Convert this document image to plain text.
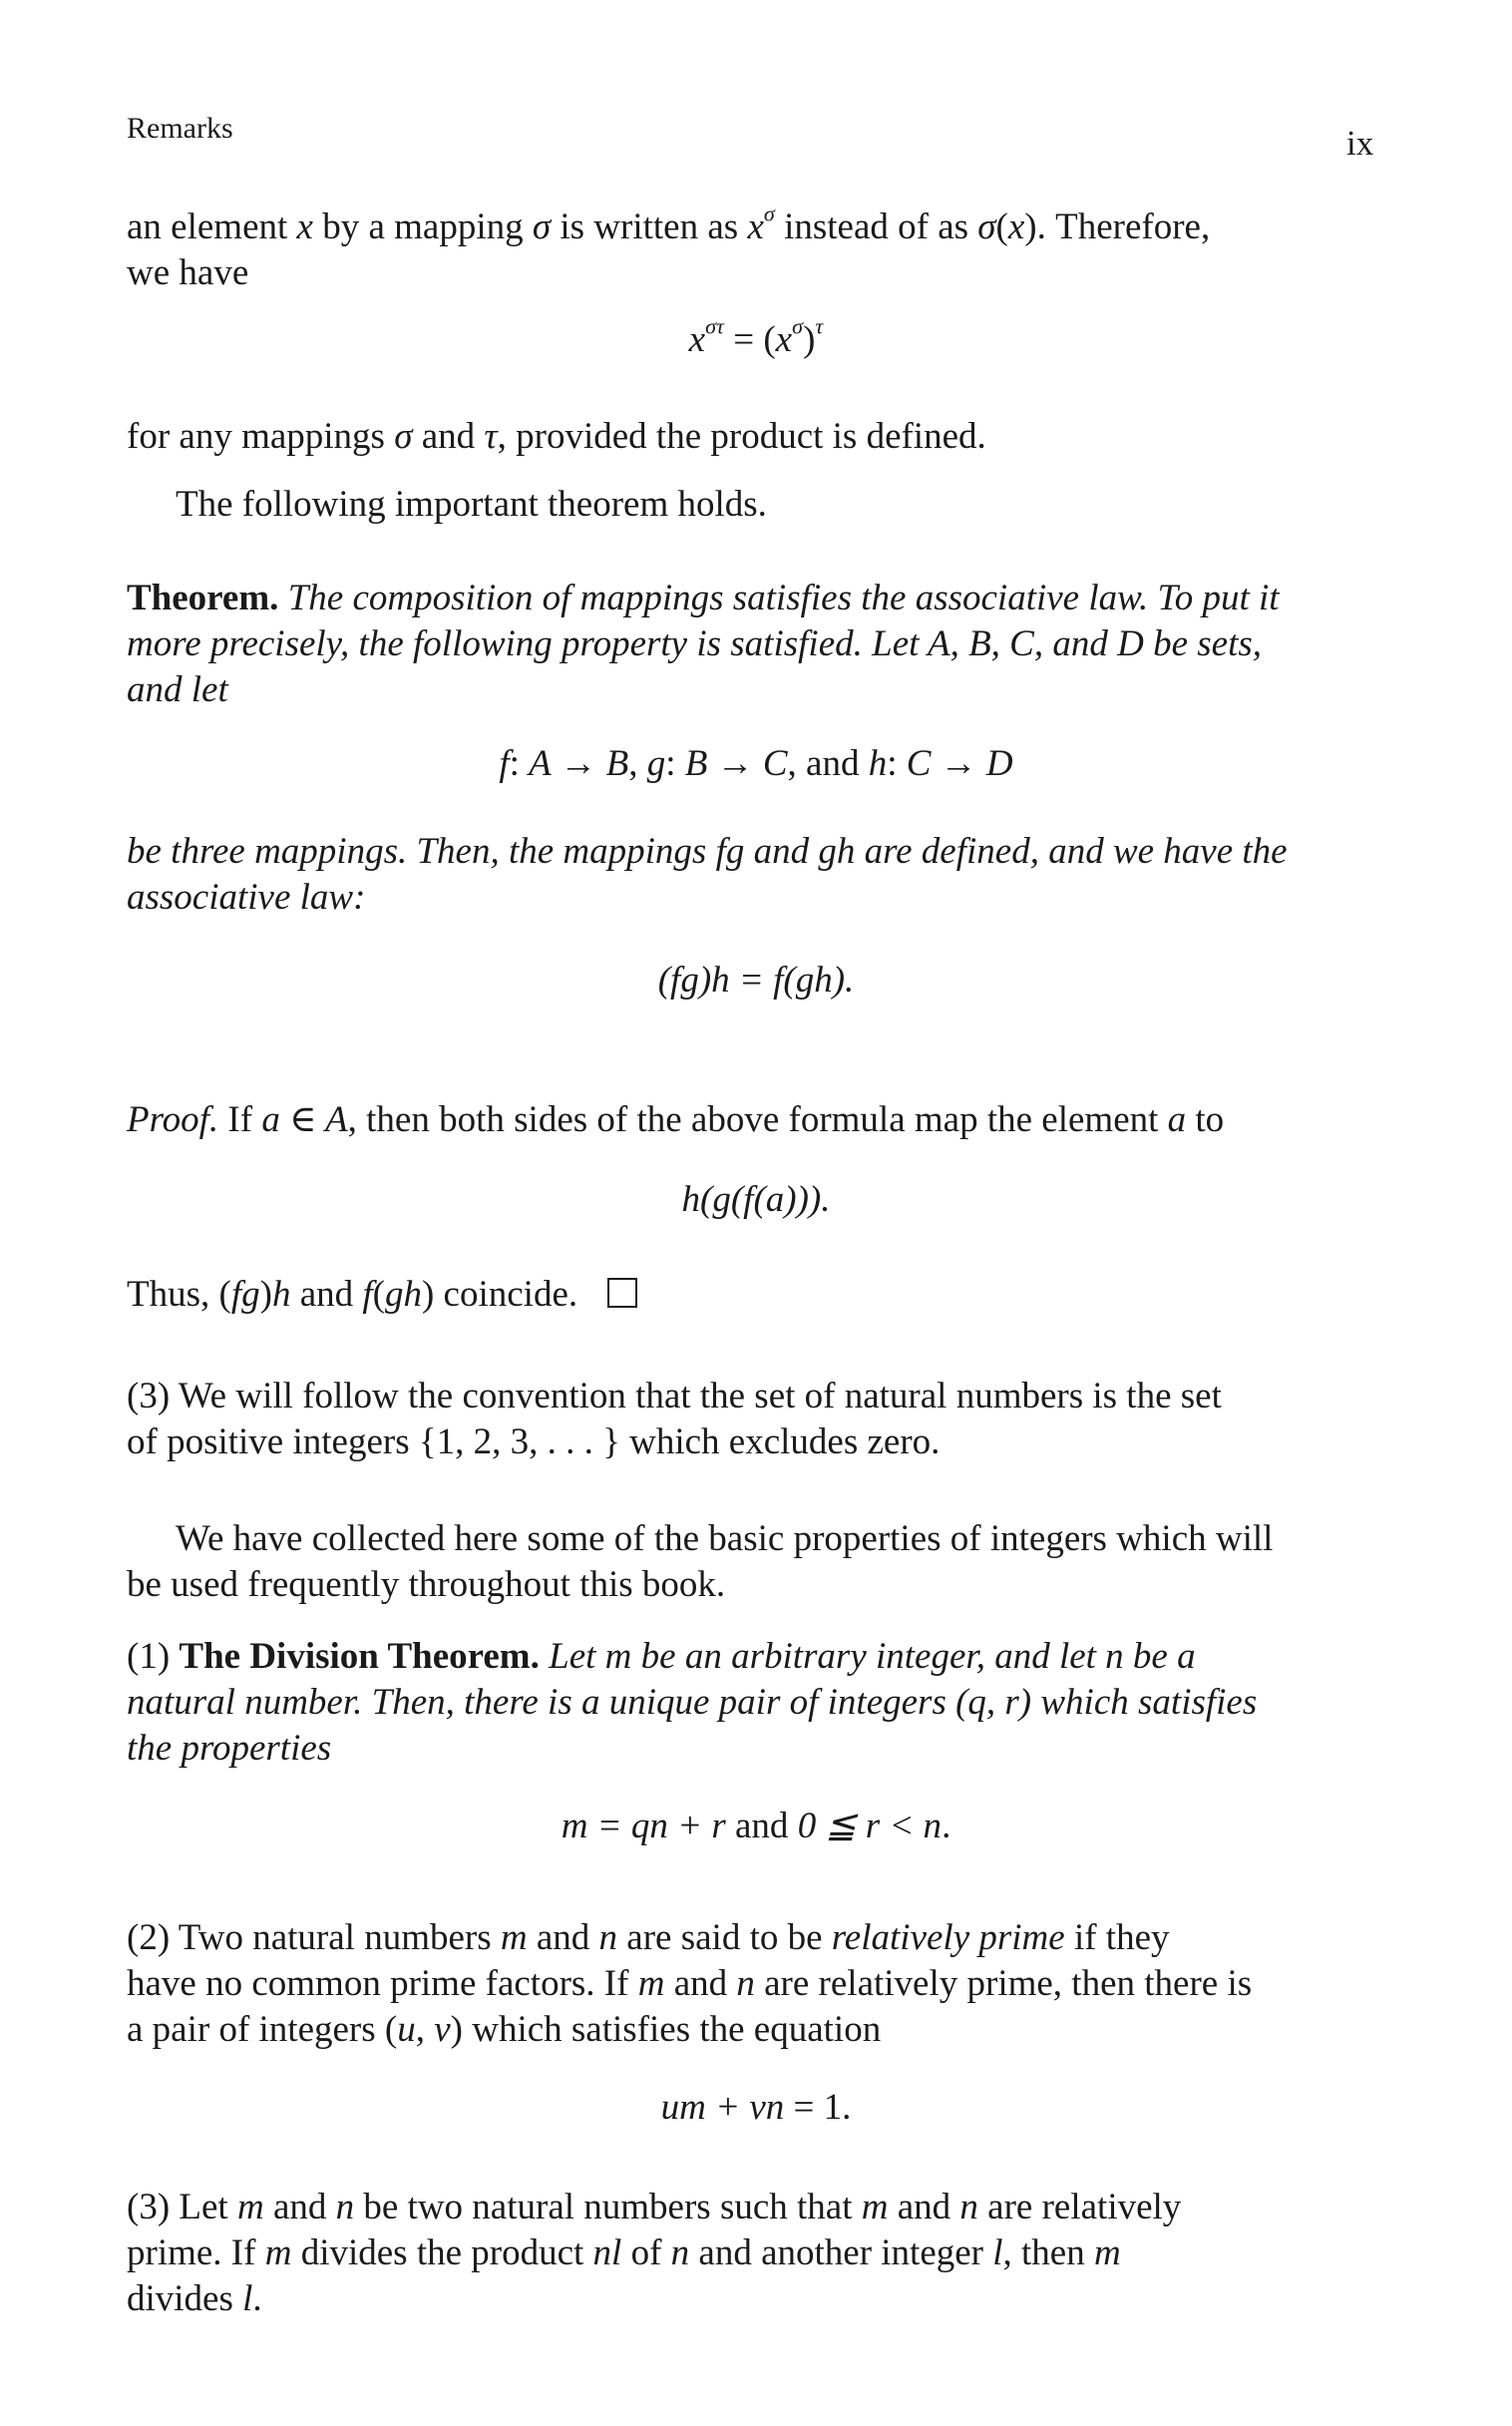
Remarks	ix
an element x by a mapping σ is written as $x^\sigma$ instead of as σ(x). Therefore,
we have
$x^{\sigma\tau} = (x^\sigma)^\tau$
for any mappings σ and τ, provided the product is defined.
The following important theorem holds.
Theorem. The composition of mappings satisfies the associative law. To put it
more precisely, the following property is satisfied. Let A, B, C, and D be sets,
and let
f: A → B, g: B → C, and h: C → D
be three mappings. Then, the mappings fg and gh are defined, and we have the
associative law:
(fg)h = f(gh).
Proof. If a ∈ A, then both sides of the above formula map the element a to
h(g(f(a))).
Thus, (fg)h and f(gh) coincide.
(3) We will follow the convention that the set of natural numbers is the set
of positive integers {1, 2, 3, . . . } which excludes zero.
We have collected here some of the basic properties of integers which will
be used frequently throughout this book.
(1) The Division Theorem. Let m be an arbitrary integer, and let n be a
natural number. Then, there is a unique pair of integers (q, r) which satisfies
the properties
m = qn + r and 0 ≦ r < n.
(2) Two natural numbers m and n are said to be relatively prime if they
have no common prime factors. If m and n are relatively prime, then there is
a pair of integers (u, v) which satisfies the equation
um + vn = 1.
(3) Let m and n be two natural numbers such that m and n are relatively
prime. If m divides the product nl of n and another integer l, then m
divides l.
